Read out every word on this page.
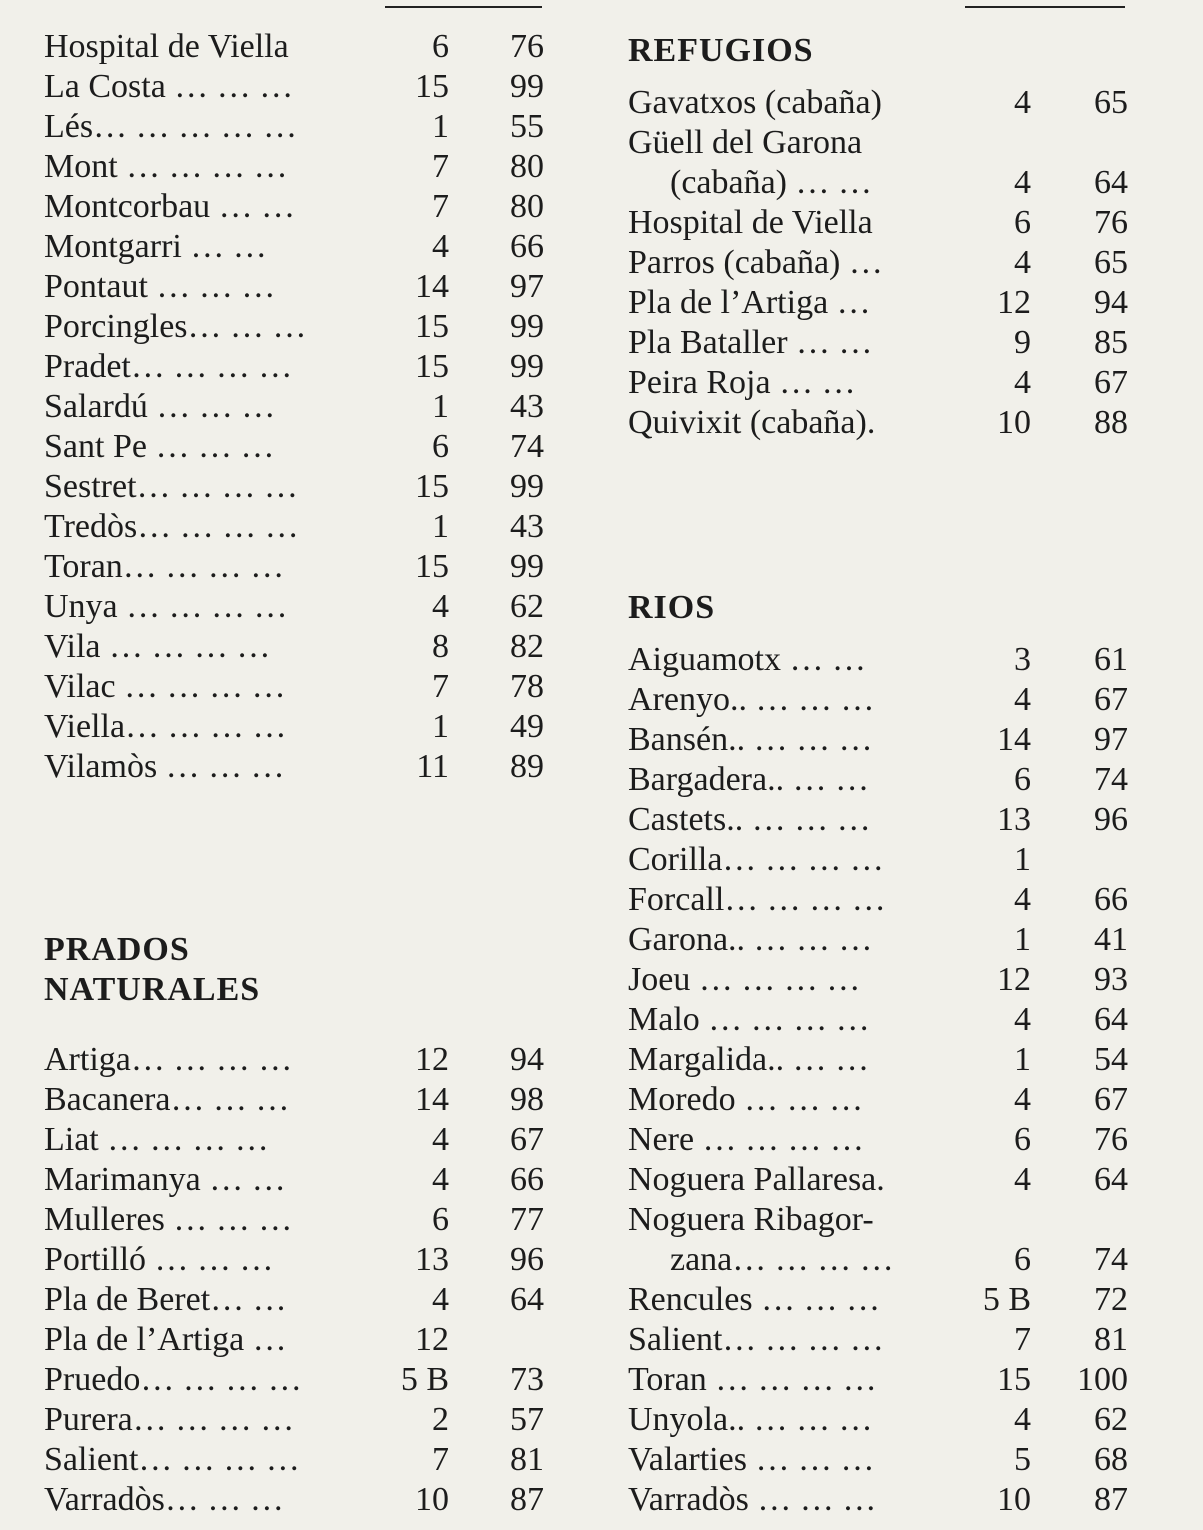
Hospital de Viella	6	76
La Costa … … …	15	99
Lés… … … … …	1	55
Mont … … … …	7	80
Montcorbau … …	7	80
Montgarri … …	4	66
Pontaut … … …	14	97
Porcingles… … …	15	99
Pradet… … … …	15	99
Salardú … … …	1	43
Sant Pe … … …	6	74
Sestret… … … …	15	99
Tredòs… … … …	1	43
Toran… … … …	15	99
Unya … … … …	4	62
Vila … … … …	8	82
Vilac … … … …	7	78
Viella… … … …	1	49
Vilamòs … … …	11	89
PRADOS
NATURALES
Artiga… … … …	12	94
Bacanera… … …	14	98
Liat … … … …	4	67
Marimanya … …	4	66
Mulleres … … …	6	77
Portilló … … …	13	96
Pla de Beret… …	4	64
Pla de l’Artiga …	12
Pruedo… … … …	5 B	73
Purera… … … …	2	57
Salient… … … …	7	81
Varradòs… … …	10	87
REFUGIOS
Gavatxos (cabaña)	4	65
Güell del Garona
(cabaña) … …	4	64
Hospital de Viella	6	76
Parros (cabaña) …	4	65
Pla de l’Artiga …	12	94
Pla Bataller … …	9	85
Peira Roja … …	4	67
Quivixit (cabaña).	10	88
RIOS
Aiguamotx … …	3	61
Arenyo.. … … …	4	67
Bansén.. … … …	14	97
Bargadera.. … …	6	74
Castets.. … … …	13	96
Corilla… … … …	1
Forcall… … … …	4	66
Garona.. … … …	1	41
Joeu … … … …	12	93
Malo … … … …	4	64
Margalida.. … …	1	54
Moredo … … …	4	67
Nere … … … …	6	76
Noguera Pallaresa.	4	64
Noguera Ribagor-
zana… … … …	6	74
Rencules … … …	5 B	72
Salient… … … …	7	81
Toran … … … …	15	100
Unyola.. … … …	4	62
Valarties … … …	5	68
Varradòs … … …	10	87
